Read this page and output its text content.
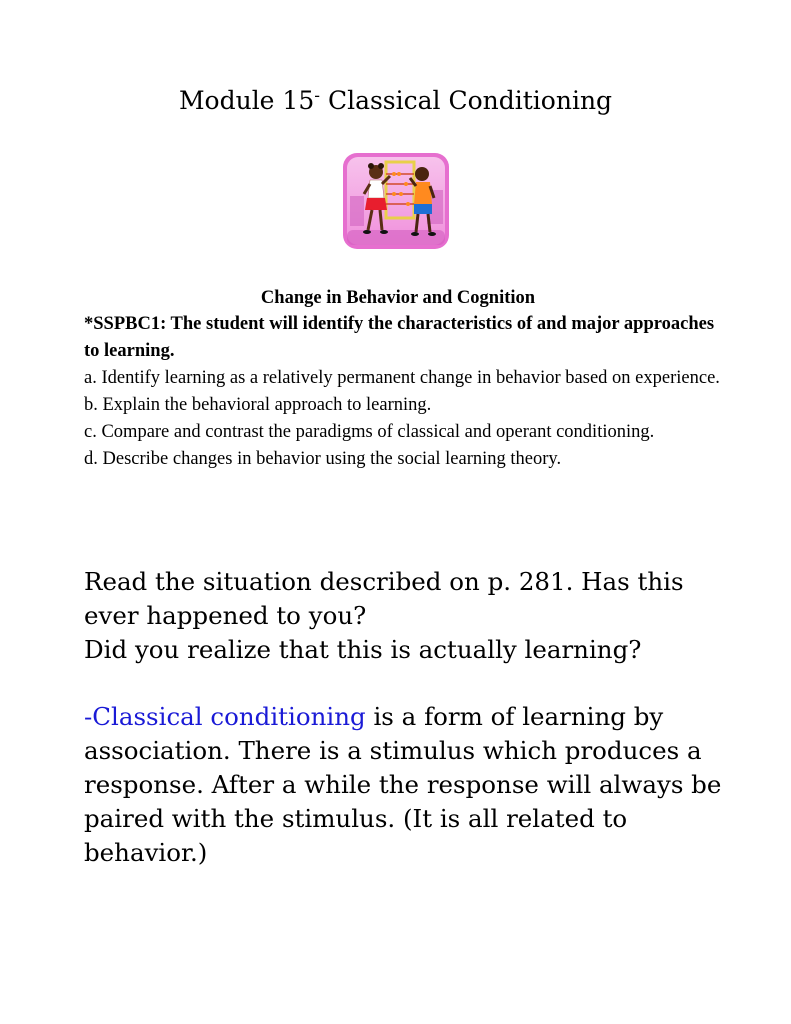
Module 15- Classical Conditioning
Change in Behavior and Cognition
*SSPBC1: The student will identify the characteristics of and major approaches to learning.
a. Identify learning as a relatively permanent change in behavior based on experience.
b. Explain the behavioral approach to learning.
c. Compare and contrast the paradigms of classical and operant conditioning.
d. Describe changes in behavior using the social learning theory.
Read the situation described on p. 281. Has this ever happened to you?
Did you realize that this is actually learning?
-Classical conditioning is a form of learning by association. There is a stimulus which produces a response. After a while the response will always be paired with the stimulus. (It is all related to behavior.)
